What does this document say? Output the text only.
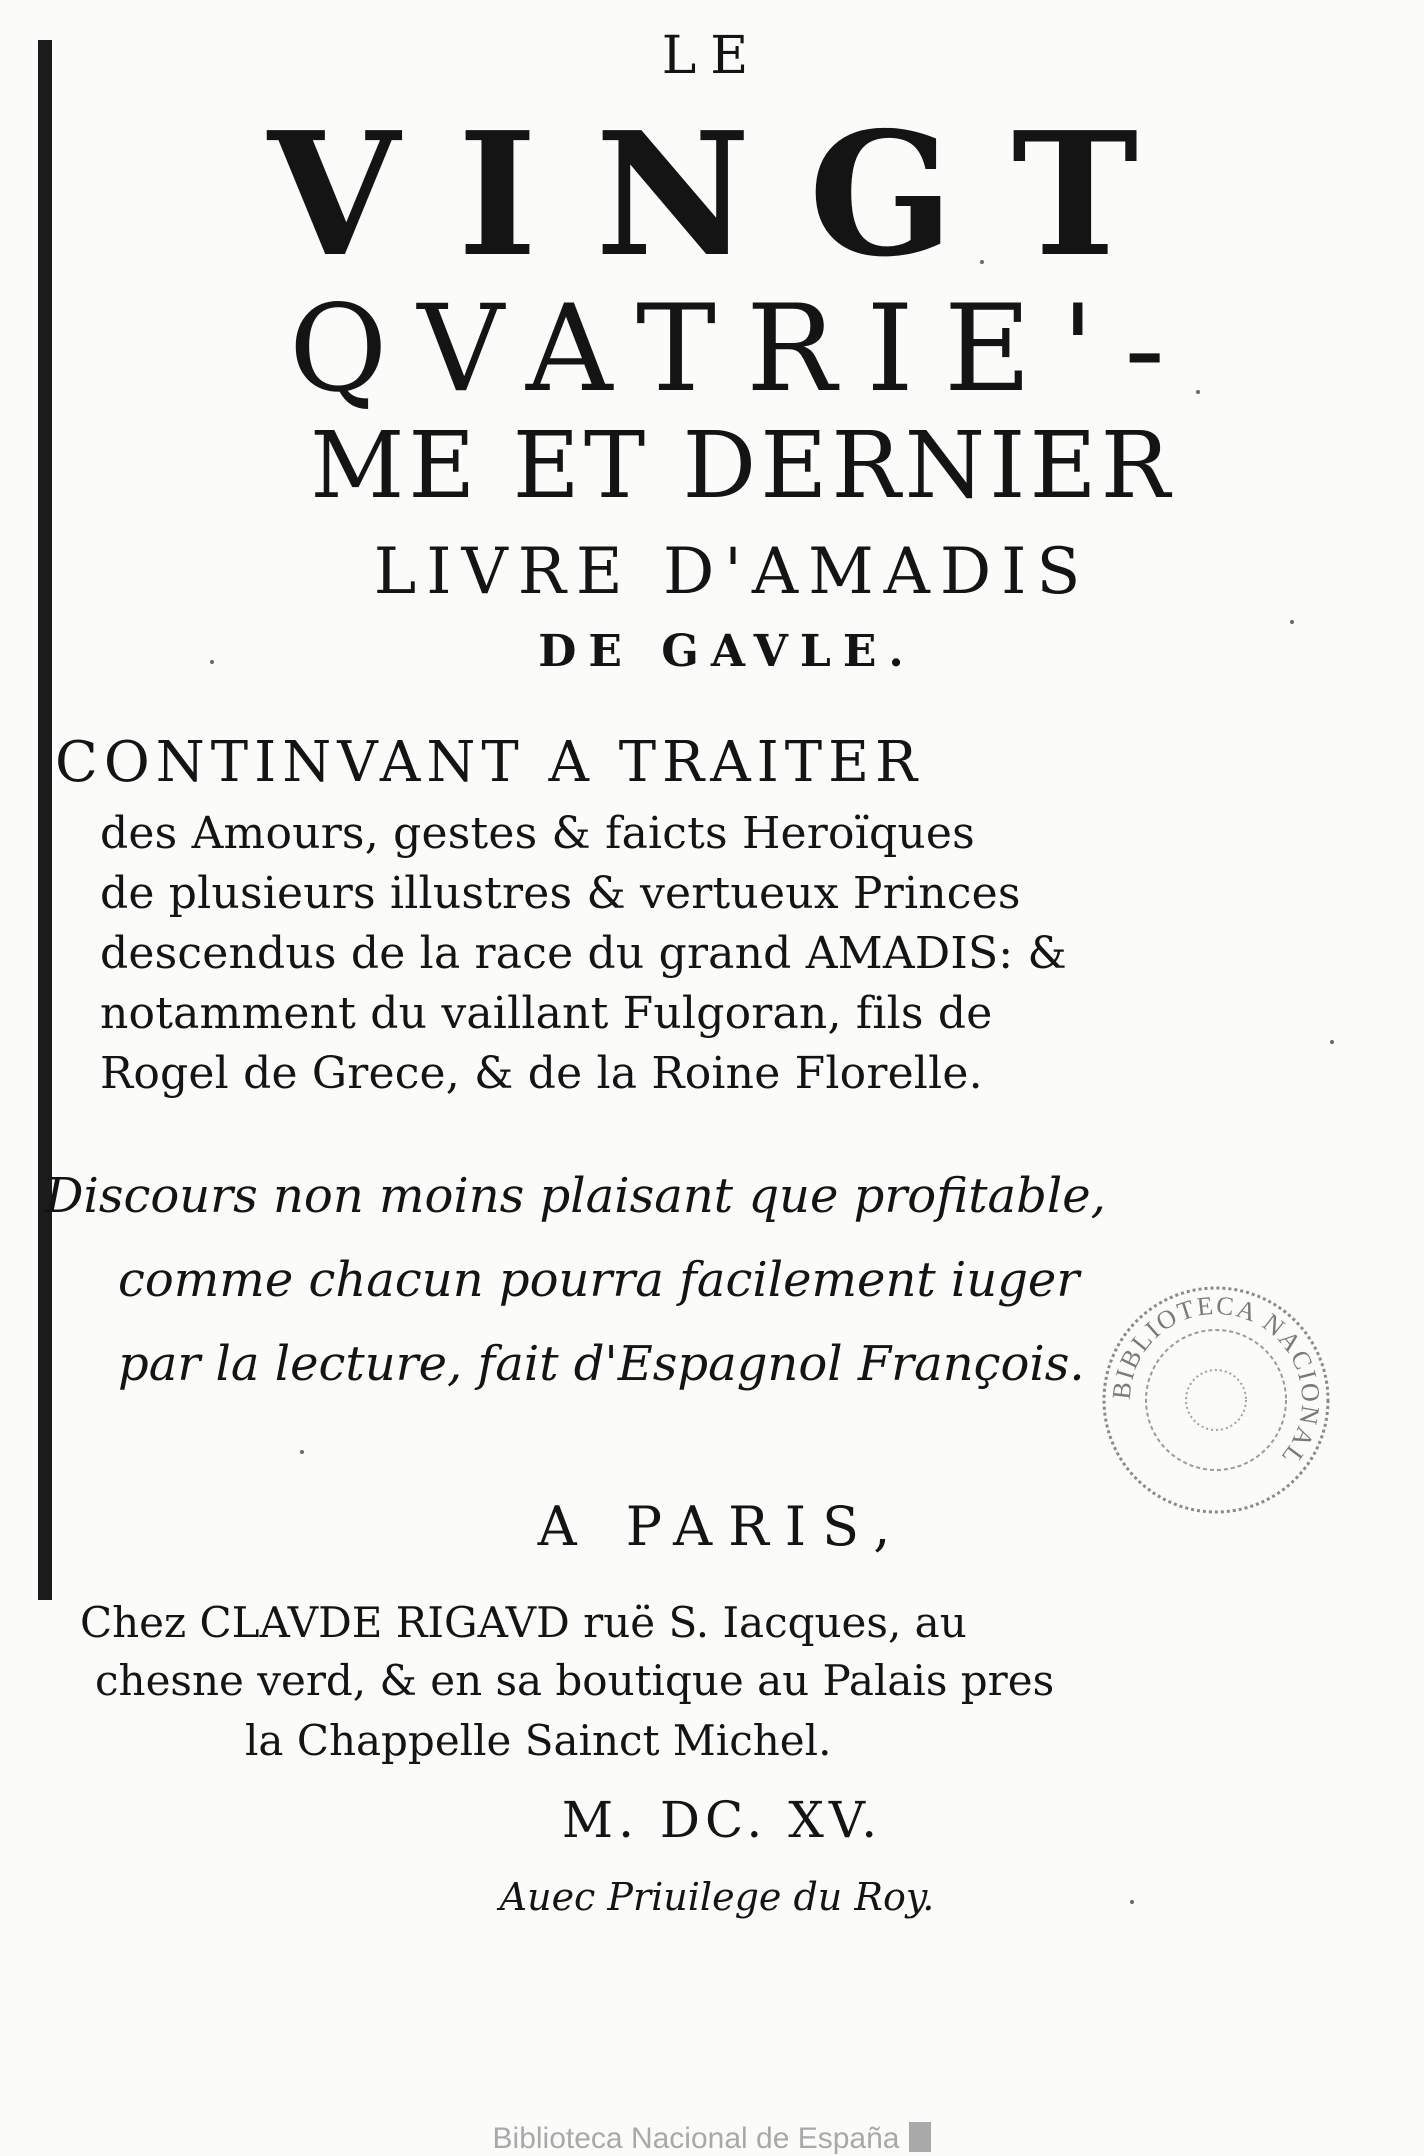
LE
VINGT
QVATRIE'-
ME ET DERNIER
LIVRE D'AMADIS
DE GAVLE.
CONTINVANT A TRAITER
des Amours, gestes & faicts Heroïques
de plusieurs illustres & vertueux Princes
descendus de la race du grand AMADIS: &
notamment du vaillant Fulgoran, fils de
Rogel de Grece, & de la Roine Florelle.
Discours non moins plaisant que profitable,
comme chacun pourra facilement iuger
par la lecture, fait d'Espagnol François. BIBLIOTECA NACIONAL
A PARIS,
Chez CLAVDE RIGAVD ruë S. Iacques, au
chesne verd, & en sa boutique au Palais pres
la Chappelle Sainct Michel.
M. DC. XV.
Auec Priuilege du Roy.
Biblioteca Nacional de España
